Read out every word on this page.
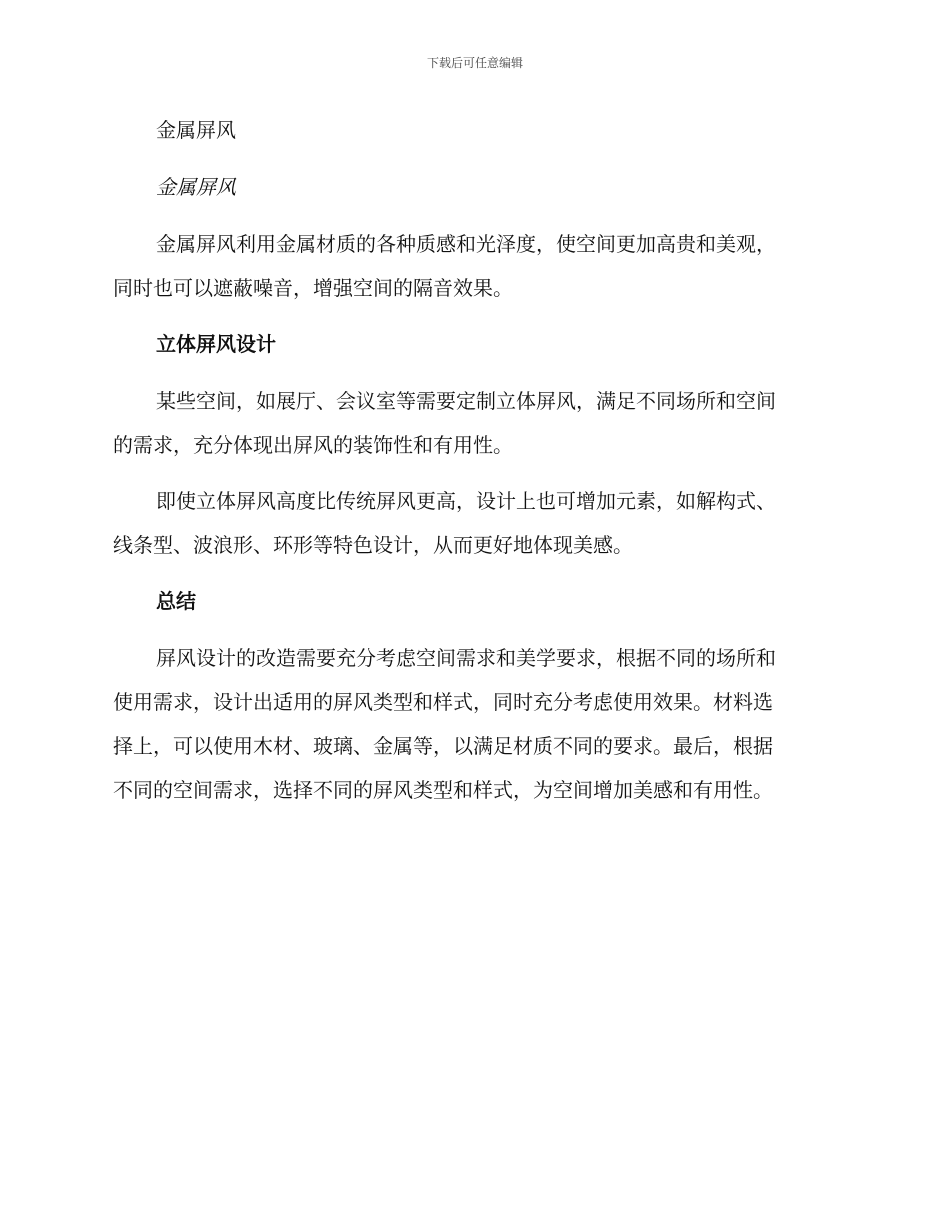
下载后可任意编辑
金属屏风
金属屏风
金属屏风利用金属材质的各种质感和光泽度，使空间更加高贵和美观，
同时也可以遮蔽噪音，增强空间的隔音效果。
立体屏风设计
某些空间，如展厅、会议室等需要定制立体屏风，满足不同场所和空间
的需求，充分体现出屏风的装饰性和有用性。
即使立体屏风高度比传统屏风更高，设计上也可增加元素，如解构式、
线条型、波浪形、环形等特色设计，从而更好地体现美感。
总结
屏风设计的改造需要充分考虑空间需求和美学要求，根据不同的场所和
使用需求，设计出适用的屏风类型和样式，同时充分考虑使用效果。材料选
择上，可以使用木材、玻璃、金属等，以满足材质不同的要求。最后，根据
不同的空间需求，选择不同的屏风类型和样式，为空间增加美感和有用性。
